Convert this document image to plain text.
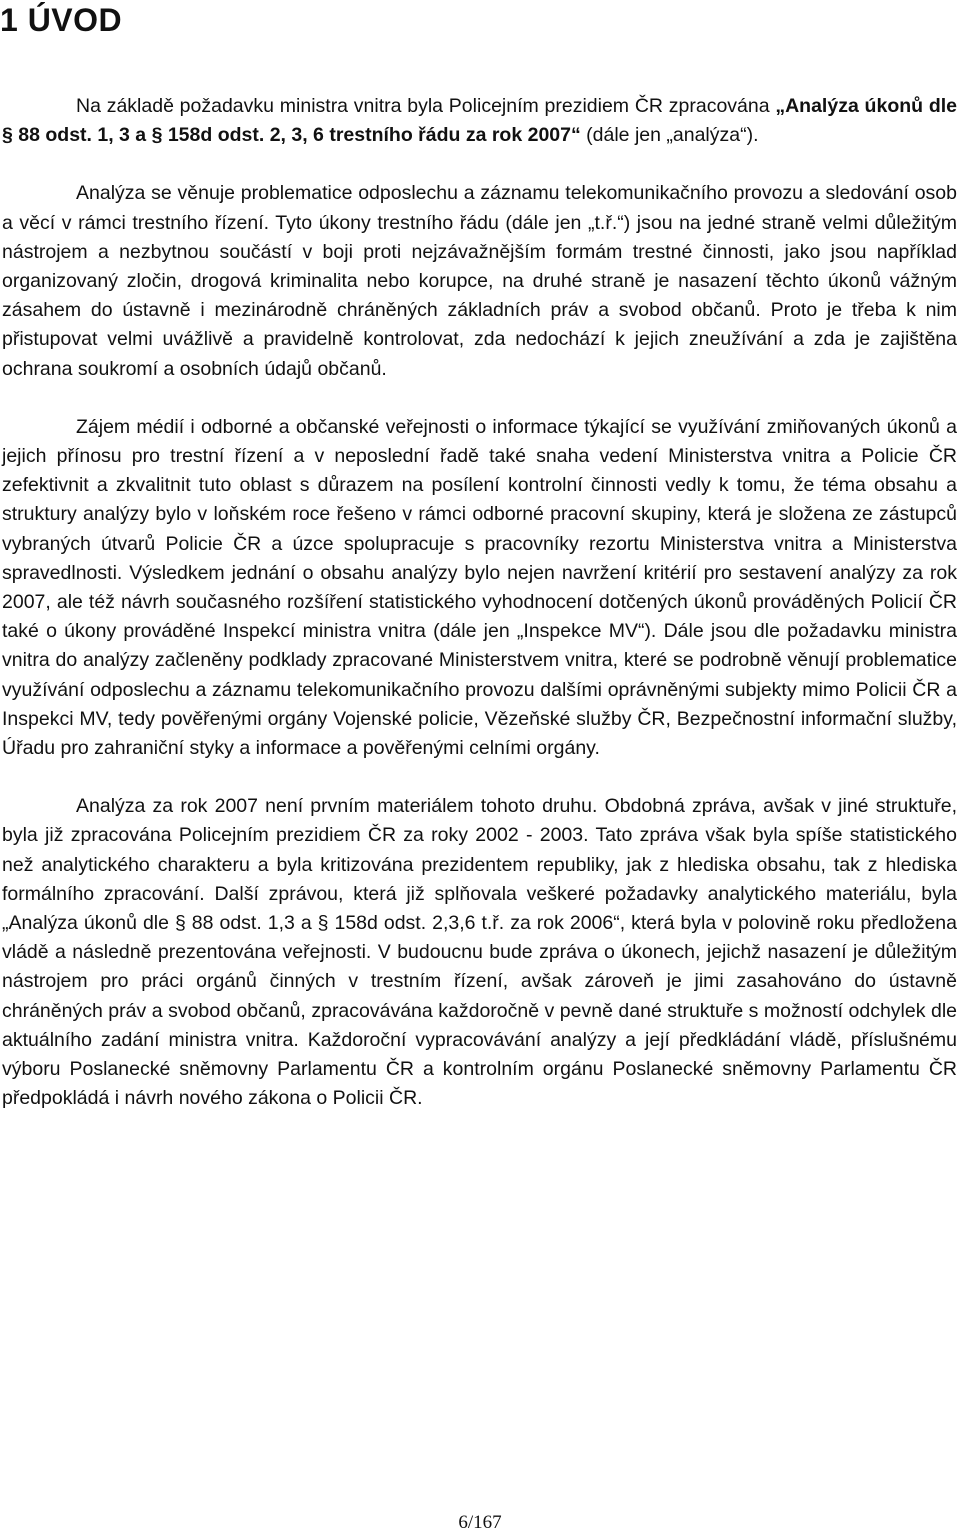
1 ÚVOD

Na základě požadavku ministra vnitra byla Policejním prezidiem ČR zpracována „Analýza úkonů dle § 88 odst. 1, 3 a § 158d odst. 2, 3, 6 trestního řádu za rok 2007“ (dále jen „analýza“).

Analýza se věnuje problematice odposlechu a záznamu telekomunikačního provozu a sledování osob a věcí v rámci trestního řízení. Tyto úkony trestního řádu (dále jen „t.ř.“) jsou na jedné straně velmi důležitým nástrojem a nezbytnou součástí v boji proti nejzávažnějším formám trestné činnosti, jako jsou například organizovaný zločin, drogová kriminalita nebo korupce, na druhé straně je nasazení těchto úkonů vážným zásahem do ústavně i mezinárodně chráněných základních práv a svobod občanů. Proto je třeba k nim přistupovat velmi uvážlivě a pravidelně kontrolovat, zda nedochází k jejich zneužívání a zda je zajištěna ochrana soukromí a osobních údajů občanů.

Zájem médií i odborné a občanské veřejnosti o informace týkající se využívání zmiňovaných úkonů a jejich přínosu pro trestní řízení a v neposlední řadě také snaha vedení Ministerstva vnitra a Policie ČR zefektivnit a zkvalitnit tuto oblast s důrazem na posílení kontrolní činnosti vedly k tomu, že téma obsahu a struktury analýzy bylo v loňském roce řešeno v rámci odborné pracovní skupiny, která je složena ze zástupců vybraných útvarů Policie ČR a úzce spolupracuje s pracovníky rezortu Ministerstva vnitra a Ministerstva spravedlnosti. Výsledkem jednání o obsahu analýzy bylo nejen navržení kritérií pro sestavení analýzy za rok 2007, ale též návrh současného rozšíření statistického vyhodnocení dotčených úkonů prováděných Policií ČR také o úkony prováděné Inspekcí ministra vnitra (dále jen „Inspekce MV“). Dále jsou dle požadavku ministra vnitra do analýzy začleněny podklady zpracované Ministerstvem vnitra, které se podrobně věnují problematice využívání odposlechu a záznamu telekomunikačního provozu dalšími oprávněnými subjekty mimo Policii ČR a Inspekci MV, tedy pověřenými orgány Vojenské policie, Vězeňské služby ČR, Bezpečnostní informační služby, Úřadu pro zahraniční styky a informace a pověřenými celními orgány.

Analýza za rok 2007 není prvním materiálem tohoto druhu. Obdobná zpráva, avšak v jiné struktuře, byla již zpracována Policejním prezidiem ČR za roky 2002 - 2003. Tato zpráva však byla spíše statistického než analytického charakteru a byla kritizována prezidentem republiky, jak z hlediska obsahu, tak z hlediska formálního zpracování. Další zprávou, která již splňovala veškeré požadavky analytického materiálu, byla „Analýza úkonů dle § 88 odst. 1,3 a § 158d odst. 2,3,6 t.ř. za rok 2006“, která byla v polovině roku předložena vládě a následně prezentována veřejnosti. V budoucnu bude zpráva o úkonech, jejichž nasazení je důležitým nástrojem pro práci orgánů činných v trestním řízení, avšak zároveň je jimi zasahováno do ústavně chráněných práv a svobod občanů, zpracovávána každoročně v pevně dané struktuře s možností odchylek dle aktuálního zadání ministra vnitra. Každoroční vypracovávání analýzy a její předkládání vládě, příslušnému výboru Poslanecké sněmovny Parlamentu ČR a kontrolním orgánu Poslanecké sněmovny Parlamentu ČR předpokládá i návrh nového zákona o Policii ČR.

6/167
